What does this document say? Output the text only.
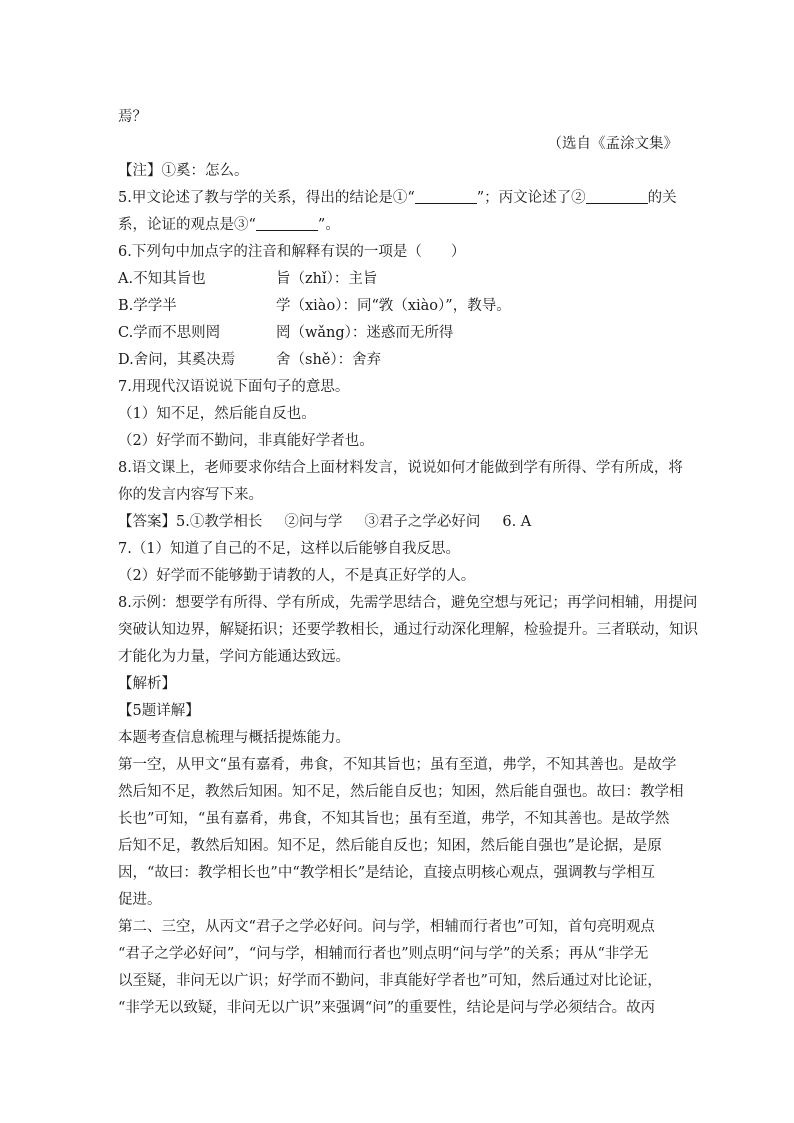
焉？
（选自《孟涂文集》
【注】①奚：怎么。
5.甲文论述了教与学的关系，得出的结论是①“	”；丙文论述了②	的关
系，论证的观点是③“	”。
6.下列句中加点字的注音和解释有误的一项是（　　）
A.不知其旨也	旨（zhǐ）：主旨
B.学学半	学（xiào）：同“敩（xiào）”，教导。
C.学而不思则罔	罔（wǎng）：迷惑而无所得
D.舍问，其奚决焉	舍（shě）：舍弃
7.用现代汉语说说下面句子的意思。
（1）知不足，然后能自反也。
（2）好学而不勤问，非真能好学者也。
8.语文课上，老师要求你结合上面材料发言，说说如何才能做到学有所得、学有所成，将
你的发言内容写下来。
【答案】5.①教学相长 ②问与学 ③君子之学必好问 6. A
7.（1）知道了自己的不足，这样以后能够自我反思。
（2）好学而不能够勤于请教的人，不是真正好学的人。
8.示例：想要学有所得、学有所成，先需学思结合，避免空想与死记；再学问相辅，用提问
突破认知边界，解疑拓识；还要学教相长，通过行动深化理解，检验提升。三者联动，知识
才能化为力量，学问方能通达致远。
【解析】
【5题详解】
本题考查信息梳理与概括提炼能力。
第一空，从甲文“虽有嘉肴，弗食，不知其旨也；虽有至道，弗学，不知其善也。是故学
然后知不足，教然后知困。知不足，然后能自反也；知困，然后能自强也。故曰：教学相
长也”可知，“虽有嘉肴，弗食，不知其旨也；虽有至道，弗学，不知其善也。是故学然
后知不足，教然后知困。知不足，然后能自反也；知困，然后能自强也”是论据，是原
因，“故曰：教学相长也”中“教学相长”是结论，直接点明核心观点，强调教与学相互
促进。
第二、三空，从丙文“君子之学必好问。问与学，相辅而行者也”可知，首句亮明观点
“君子之学必好问”，“问与学，相辅而行者也”则点明“问与学”的关系；再从“非学无
以至疑，非问无以广识；好学而不勤问，非真能好学者也”可知，然后通过对比论证，
“非学无以致疑，非问无以广识”来强调“问”的重要性，结论是问与学必须结合。故丙
